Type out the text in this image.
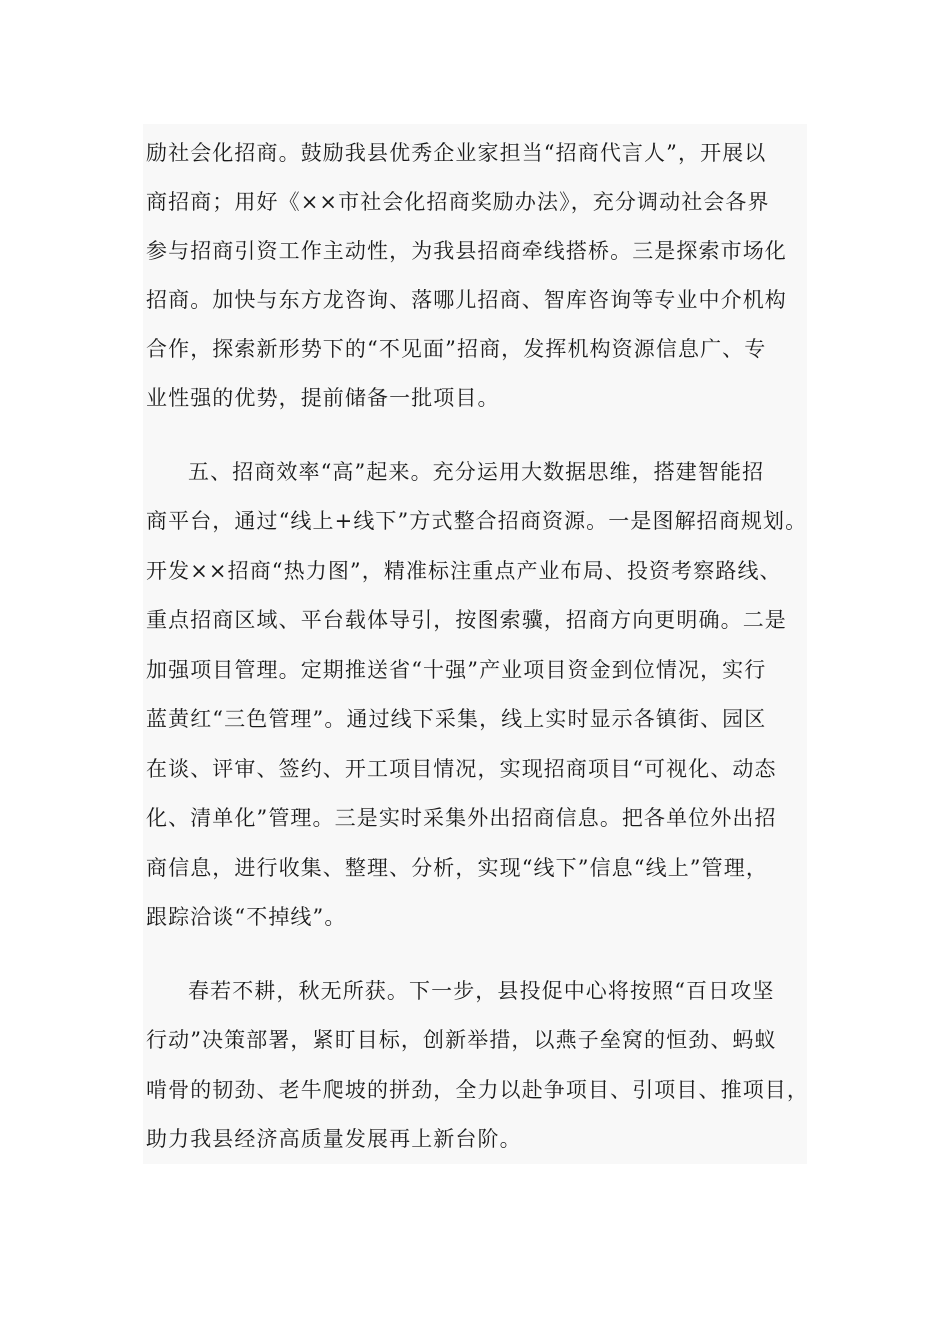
励社会化招商。鼓励我县优秀企业家担当“招商代言人”，开展以
商招商；用好《××市社会化招商奖励办法》，充分调动社会各界
参与招商引资工作主动性，为我县招商牵线搭桥。三是探索市场化
招商。加快与东方龙咨询、落哪儿招商、智库咨询等专业中介机构
合作，探索新形势下的“不见面”招商，发挥机构资源信息广、专
业性强的优势，提前储备一批项目。
五、招商效率“高”起来。充分运用大数据思维，搭建智能招
商平台，通过“线上+线下”方式整合招商资源。一是图解招商规划。
开发××招商“热力图”，精准标注重点产业布局、投资考察路线、
重点招商区域、平台载体导引，按图索骥，招商方向更明确。二是
加强项目管理。定期推送省“十强”产业项目资金到位情况，实行
蓝黄红“三色管理”。通过线下采集，线上实时显示各镇街、园区
在谈、评审、签约、开工项目情况，实现招商项目“可视化、动态
化、清单化”管理。三是实时采集外出招商信息。把各单位外出招
商信息，进行收集、整理、分析，实现“线下”信息“线上”管理，
跟踪洽谈“不掉线”。
春若不耕，秋无所获。下一步，县投促中心将按照“百日攻坚
行动”决策部署，紧盯目标，创新举措，以燕子垒窝的恒劲、蚂蚁
啃骨的韧劲、老牛爬坡的拼劲，全力以赴争项目、引项目、推项目，
助力我县经济高质量发展再上新台阶。
